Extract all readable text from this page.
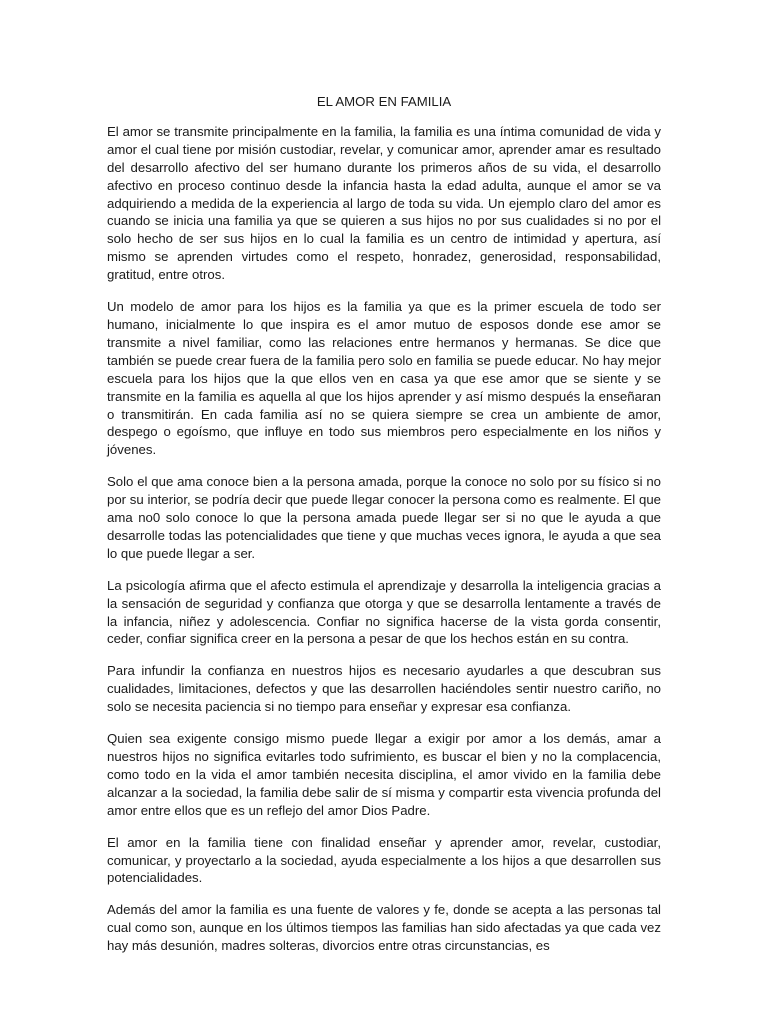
EL AMOR EN FAMILIA

El amor se transmite principalmente en la familia, la familia es una íntima comunidad de vida y amor el cual tiene por misión custodiar, revelar, y comunicar amor, aprender amar es resultado del desarrollo afectivo del ser humano durante los primeros años de su vida, el desarrollo afectivo en proceso continuo desde la infancia hasta la edad adulta, aunque el amor se va adquiriendo a medida de la experiencia al largo de toda su vida. Un ejemplo claro del amor es cuando se inicia una familia ya que se quieren a sus hijos no por sus cualidades si no por el solo hecho de ser sus hijos en lo cual la familia es un centro de intimidad y apertura, así mismo se aprenden virtudes como el respeto, honradez, generosidad, responsabilidad, gratitud, entre otros.

Un modelo de amor para los hijos es la familia ya que es la primer escuela de todo ser humano, inicialmente lo que inspira es el amor mutuo de esposos donde ese amor se transmite a nivel familiar, como las relaciones entre hermanos y hermanas. Se dice que también se puede crear fuera de la familia pero solo en familia se puede educar. No hay mejor escuela para los hijos que la que ellos ven en casa ya que ese amor que se siente y se transmite en la familia es aquella al que los hijos aprender y así mismo después la enseñaran o transmitirán. En cada familia así no se quiera siempre se crea un ambiente de amor, despego o egoísmo, que influye en todo sus miembros pero especialmente en los niños y jóvenes.

Solo el que ama conoce bien a la persona amada, porque la conoce no solo por su físico si no por su interior, se podría decir que puede llegar conocer la persona como es realmente. El que ama no0 solo conoce lo que la persona amada puede llegar ser si no que le ayuda a que desarrolle todas las potencialidades que tiene y que muchas veces ignora, le ayuda a que sea lo que puede llegar a ser.

La psicología afirma que el afecto estimula el aprendizaje y desarrolla la inteligencia gracias a la sensación de seguridad y confianza que otorga y que se desarrolla lentamente a través de la infancia, niñez y adolescencia. Confiar no significa hacerse de la vista gorda consentir, ceder, confiar significa creer en la persona a pesar de que los hechos están en su contra.

Para infundir la confianza en nuestros hijos es necesario ayudarles a que descubran sus cualidades, limitaciones, defectos y que las desarrollen haciéndoles sentir nuestro cariño, no solo se necesita paciencia si no tiempo para enseñar y expresar esa confianza.

Quien sea exigente consigo mismo puede llegar a exigir por amor a los demás, amar a nuestros hijos no significa evitarles todo sufrimiento, es buscar el bien y no la complacencia, como todo en la vida el amor también necesita disciplina, el amor vivido en la familia debe alcanzar a la sociedad, la familia debe salir de sí misma y compartir esta vivencia profunda del amor entre ellos que es un reflejo del amor Dios Padre.

El amor en la familia tiene con finalidad enseñar y aprender amor, revelar, custodiar, comunicar, y proyectarlo a la sociedad, ayuda especialmente a los hijos a que desarrollen sus potencialidades.

Además del amor la familia es una fuente de valores y fe, donde se acepta a las personas tal cual como son, aunque en los últimos tiempos las familias han sido afectadas ya que cada vez hay más desunión, madres solteras, divorcios entre otras circunstancias, es
